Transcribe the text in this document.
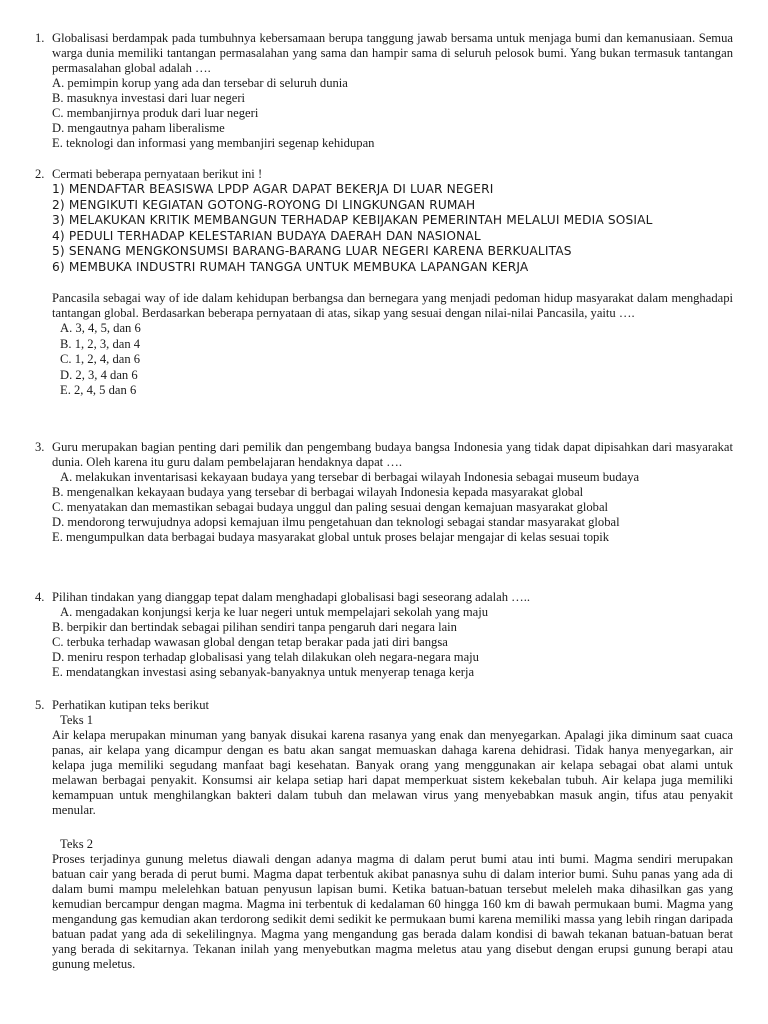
1. Globalisasi berdampak pada tumbuhnya kebersamaan berupa tanggung jawab bersama untuk menjaga bumi dan kemanusiaan. Semua warga dunia memiliki tantangan permasalahan yang sama dan hampir sama di seluruh pelosok bumi. Yang bukan termasuk tantangan permasalahan global adalah ….
A. pemimpin korup yang ada dan tersebar di seluruh dunia
B. masuknya investasi dari luar negeri
C. membanjirnya produk dari luar negeri
D. mengautnya paham liberalisme
E. teknologi dan informasi yang membanjiri segenap kehidupan
2. Cermati beberapa pernyataan berikut ini !
1) MENDAFTAR BEASISWA LPDP AGAR DAPAT BEKERJA DI LUAR NEGERI
2) MENGIKUTI KEGIATAN GOTONG-ROYONG DI LINGKUNGAN RUMAH
3) MELAKUKAN KRITIK MEMBANGUN TERHADAP KEBIJAKAN PEMERINTAH MELALUI MEDIA SOSIAL
4) PEDULI TERHADAP KELESTARIAN BUDAYA DAERAH DAN NASIONAL
5) SENANG MENGKONSUMSI BARANG-BARANG LUAR NEGERI KARENA BERKUALITAS
6) MEMBUKA INDUSTRI RUMAH TANGGA UNTUK MEMBUKA LAPANGAN KERJA
Pancasila sebagai way of ide dalam kehidupan berbangsa dan bernegara yang menjadi pedoman hidup masyarakat dalam menghadapi tantangan global. Berdasarkan beberapa pernyataan di atas, sikap yang sesuai dengan nilai-nilai Pancasila, yaitu ….
A. 3, 4, 5, dan 6
B. 1, 2, 3, dan 4
C. 1, 2, 4, dan 6
D. 2, 3, 4 dan 6
E. 2, 4, 5 dan 6
3. Guru merupakan bagian penting dari pemilik dan pengembang budaya bangsa Indonesia yang tidak dapat dipisahkan dari masyarakat dunia. Oleh karena itu guru dalam pembelajaran hendaknya dapat ….
A. melakukan inventarisasi kekayaan budaya yang tersebar di berbagai wilayah Indonesia sebagai museum budaya
B. mengenalkan kekayaan budaya yang tersebar di berbagai wilayah Indonesia kepada masyarakat global
C. menyatakan dan memastikan sebagai budaya unggul dan paling sesuai dengan kemajuan masyarakat global
D. mendorong terwujudnya adopsi kemajuan ilmu pengetahuan dan teknologi sebagai standar masyarakat global
E. mengumpulkan data berbagai budaya masyarakat global untuk proses belajar mengajar di kelas sesuai topik
4. Pilihan tindakan yang dianggap tepat dalam menghadapi globalisasi bagi seseorang adalah …..
A. mengadakan konjungsi kerja ke luar negeri untuk mempelajari sekolah yang maju
B. berpikir dan bertindak sebagai pilihan sendiri tanpa pengaruh dari negara lain
C. terbuka terhadap wawasan global dengan tetap berakar pada jati diri bangsa
D. meniru respon terhadap globalisasi yang telah dilakukan oleh negara-negara maju
E. mendatangkan investasi asing sebanyak-banyaknya untuk menyerap tenaga kerja
5. Perhatikan kutipan teks berikut
Teks 1
Air kelapa merupakan minuman yang banyak disukai karena rasanya yang enak dan menyegarkan. Apalagi jika diminum saat cuaca panas, air kelapa yang dicampur dengan es batu akan sangat memuaskan dahaga karena dehidrasi. Tidak hanya menyegarkan, air kelapa juga memiliki segudang manfaat bagi kesehatan. Banyak orang yang menggunakan air kelapa sebagai obat alami untuk melawan berbagai penyakit. Konsumsi air kelapa setiap hari dapat memperkuat sistem kekebalan tubuh. Air kelapa juga memiliki kemampuan untuk menghilangkan bakteri dalam tubuh dan melawan virus yang menyebabkan masuk angin, tifus atau penyakit menular.
Teks 2
Proses terjadinya gunung meletus diawali dengan adanya magma di dalam perut bumi atau inti bumi. Magma sendiri merupakan batuan cair yang berada di perut bumi. Magma dapat terbentuk akibat panasnya suhu di dalam interior bumi. Suhu panas yang ada di dalam bumi mampu melelehkan batuan penyusun lapisan bumi. Ketika batuan-batuan tersebut meleleh maka dihasilkan gas yang kemudian bercampur dengan magma. Magma ini terbentuk di kedalaman 60 hingga 160 km di bawah permukaan bumi. Magma yang mengandung gas kemudian akan terdorong sedikit demi sedikit ke permukaan bumi karena memiliki massa yang lebih ringan daripada batuan padat yang ada di sekelilingnya. Magma yang mengandung gas berada dalam kondisi di bawah tekanan batuan-batuan berat yang berada di sekitarnya. Tekanan inilah yang menyebutkan magma meletus atau yang disebut dengan erupsi gunung berapi atau gunung meletus.
